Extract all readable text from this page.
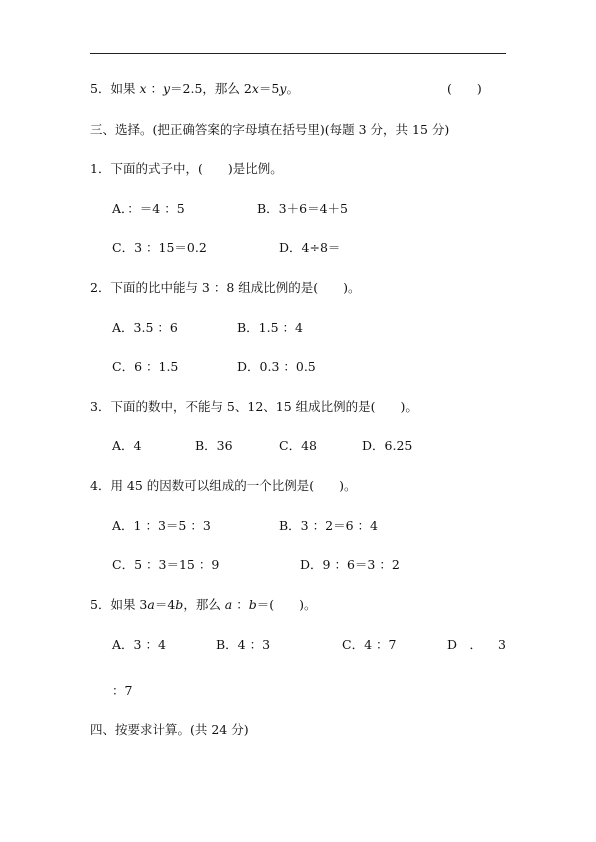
5．如果 x ：y＝2.5，那么 2x＝5y。	(　　)
三、选择。(把正确答案的字母填在括号里)(每题 3 分，共 15 分)
1．下面的式子中，(　　)是比例。
A．：＝4 ：5	B．3＋6＝4＋5
C．3 ：15＝0.2	D．4÷8＝
2．下面的比中能与 3 ：8 组成比例的是(　　)。
A．3.5 ：6	B．1.5 ：4
C．6 ：1.5	D．0.3 ：0.5
3．下面的数中，不能与 5、12、15 组成比例的是(　　)。
A．4	B．36	C．48	D．6.25
4．用 45 的因数可以组成的一个比例是(　　)。
A．1 ：3＝5 ：3	B．3 ：2＝6 ：4
C．5 ：3＝15 ：9	D．9 ：6＝3 ：2
5．如果 3a＝4b，那么 a ：b＝(　　)。
A．3 ：4	B．4 ：3	C．4 ：7	D　． 3
：7
四、按要求计算。(共 24 分)
